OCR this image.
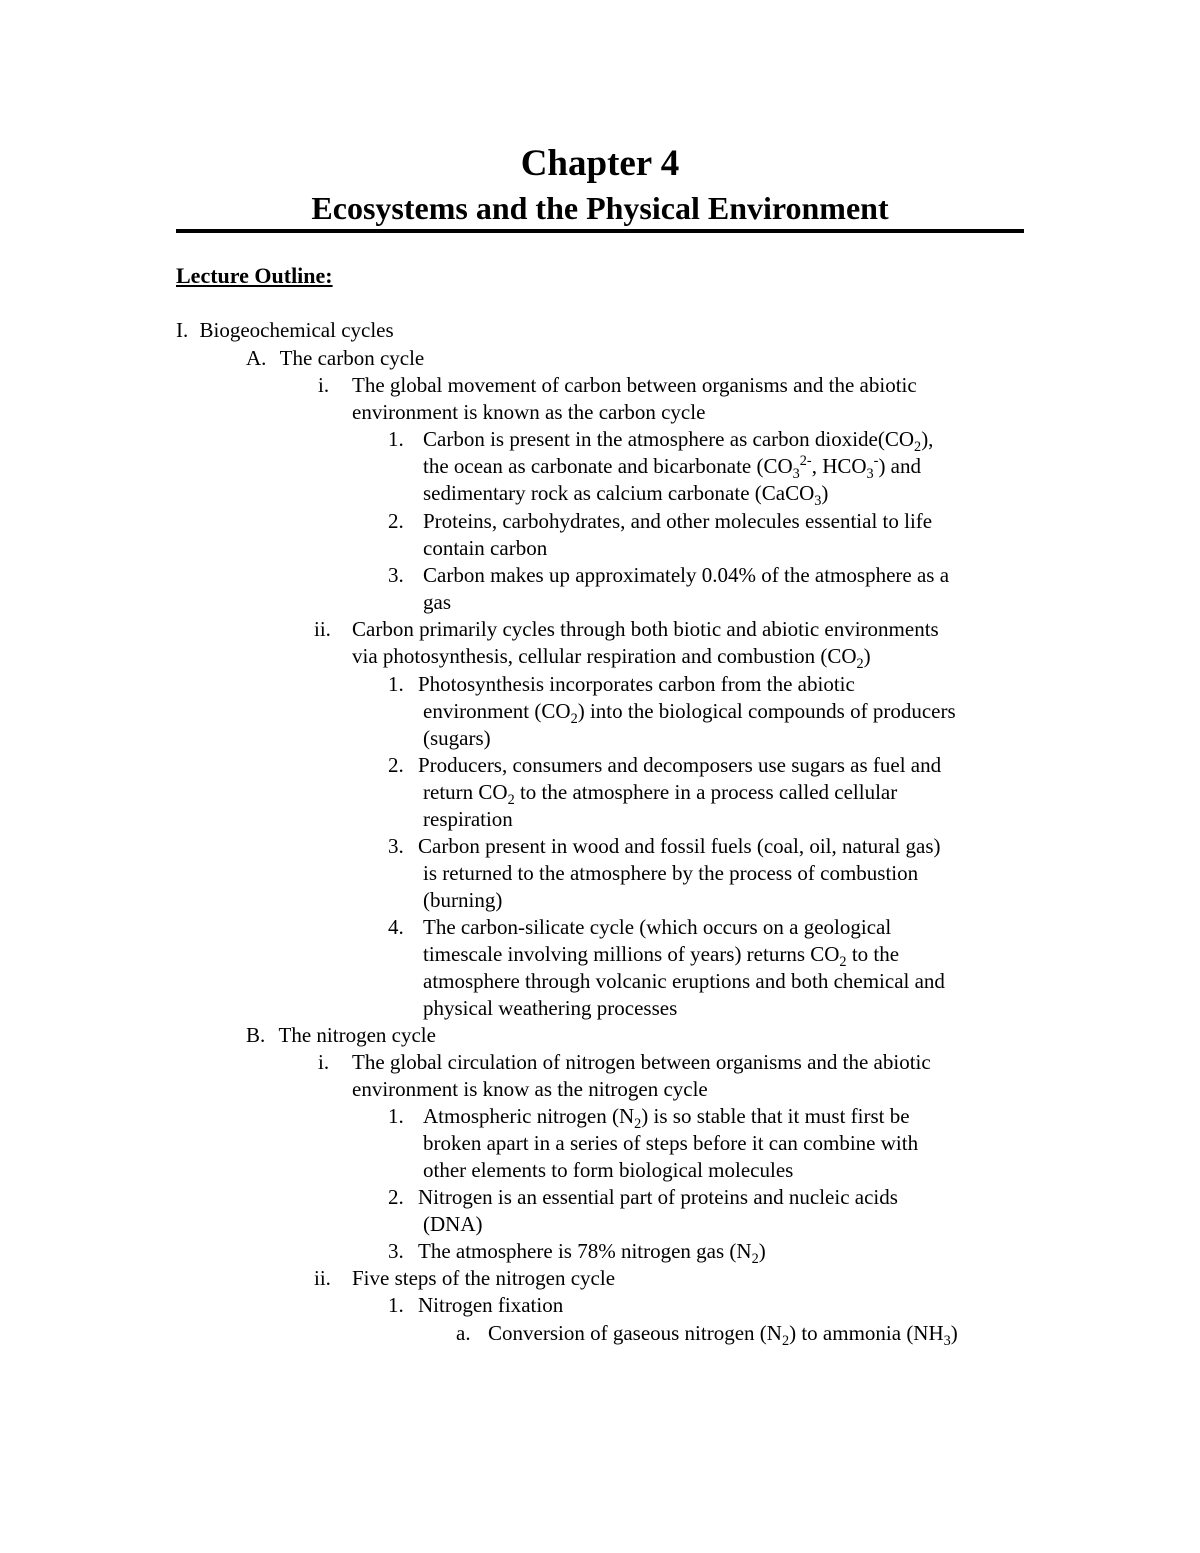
Chapter 4
Ecosystems and the Physical Environment
Lecture Outline:
I. Biogeochemical cycles
A. The carbon cycle
i. The global movement of carbon between organisms and the abiotic
environment is known as the carbon cycle
1. Carbon is present in the atmosphere as carbon $dioxide(CO_2)$,
the ocean as carbonate and bicarbonate ($CO_3^{2-}$, $HCO_3^-$) and
sedimentary rock as calcium carbonate (CaCO$_3$)
2. Proteins, carbohydrates, and other molecules essential to life
contain carbon
3. Carbon makes up approximately 0.04% of the atmosphere as a
gas
ii. Carbon primarily cycles through both biotic and abiotic environments
via photosynthesis, cellular respiration and combustion $(CO_2)$
1. Photosynthesis incorporates carbon from the abiotic
environment $(CO_2)$ into the biological compounds of producers
(sugars)
2. Producers, consumers and decomposers use sugars as fuel and
return $CO_2$ to the atmosphere in a process called cellular
respiration
3. Carbon present in wood and fossil fuels (coal, oil, natural gas)
is returned to the atmosphere by the process of combustion
(burning)
4. The carbon-silicate cycle (which occurs on a geological
timescale involving millions of years) returns $CO_2$ to the
atmosphere through volcanic eruptions and both chemical and
physical weathering processes
B. The nitrogen cycle
i. The global circulation of nitrogen between organisms and the abiotic
environment is know as the nitrogen cycle
1. Atmospheric nitrogen $(N_2)$ is so stable that it must first be
broken apart in a series of steps before it can combine with
other elements to form biological molecules
2. Nitrogen is an essential part of proteins and nucleic acids
(DNA)
3. The atmosphere is 78% nitrogen gas $(N_2)$
ii. Five steps of the nitrogen cycle
1. Nitrogen fixation
a. Conversion of gaseous nitrogen $(N_2)$ to ammonia $(NH_3)$
